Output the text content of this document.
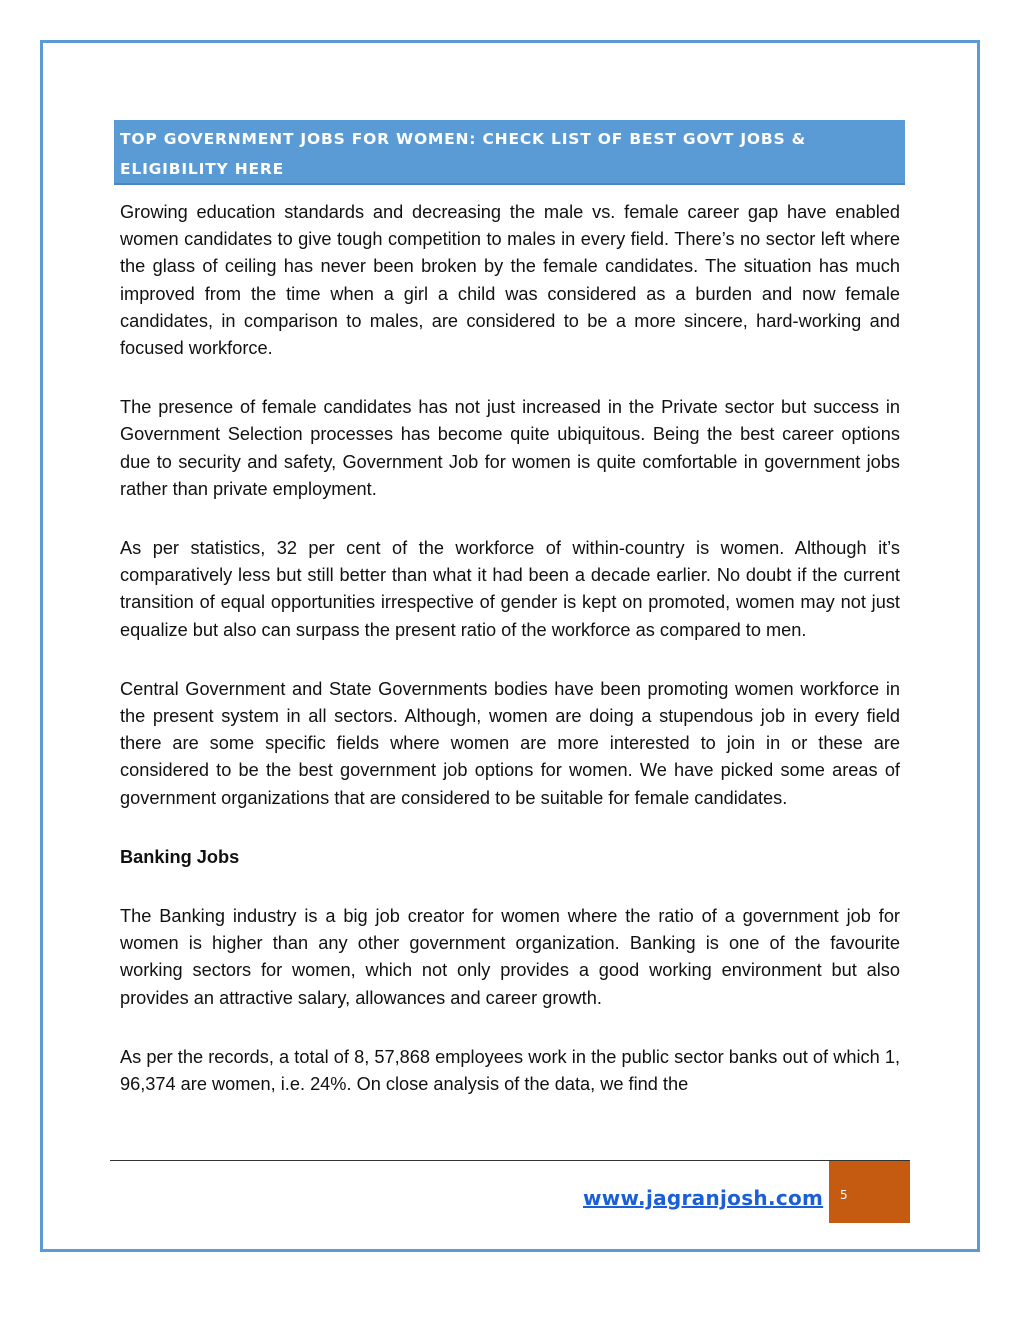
TOP GOVERNMENT JOBS FOR WOMEN: CHECK LIST OF BEST GOVT JOBS & ELIGIBILITY HERE

Growing education standards and decreasing the male vs. female career gap have enabled women candidates to give tough competition to males in every field. There’s no sector left where the glass of ceiling has never been broken by the female candidates. The situation has much improved from the time when a girl a child was considered as a burden and now female candidates, in comparison to males, are considered to be a more sincere, hard-working and focused workforce.

The presence of female candidates has not just increased in the Private sector but success in Government Selection processes has become quite ubiquitous. Being the best career options due to security and safety, Government Job for women is quite comfortable in government jobs rather than private employment.

As per statistics, 32 per cent of the workforce of within-country is women. Although it’s comparatively less but still better than what it had been a decade earlier. No doubt if the current transition of equal opportunities irrespective of gender is kept on promoted, women may not just equalize but also can surpass the present ratio of the workforce as compared to men.

Central Government and State Governments bodies have been promoting women workforce in the present system in all sectors. Although, women are doing a stupendous job in every field there are some specific fields where women are more interested to join in or these are considered to be the best government job options for women. We have picked some areas of government organizations that are considered to be suitable for female candidates.

Banking Jobs

The Banking industry is a big job creator for women where the ratio of a government job for women is higher than any other government organization. Banking is one of the favourite working sectors for women, which not only provides a good working environment but also provides an attractive salary, allowances and career growth.

As per the records, a total of 8, 57,868 employees work in the public sector banks out of which 1, 96,374 are women, i.e. 24%. On close analysis of the data, we find the

www.jagranjosh.com	5
